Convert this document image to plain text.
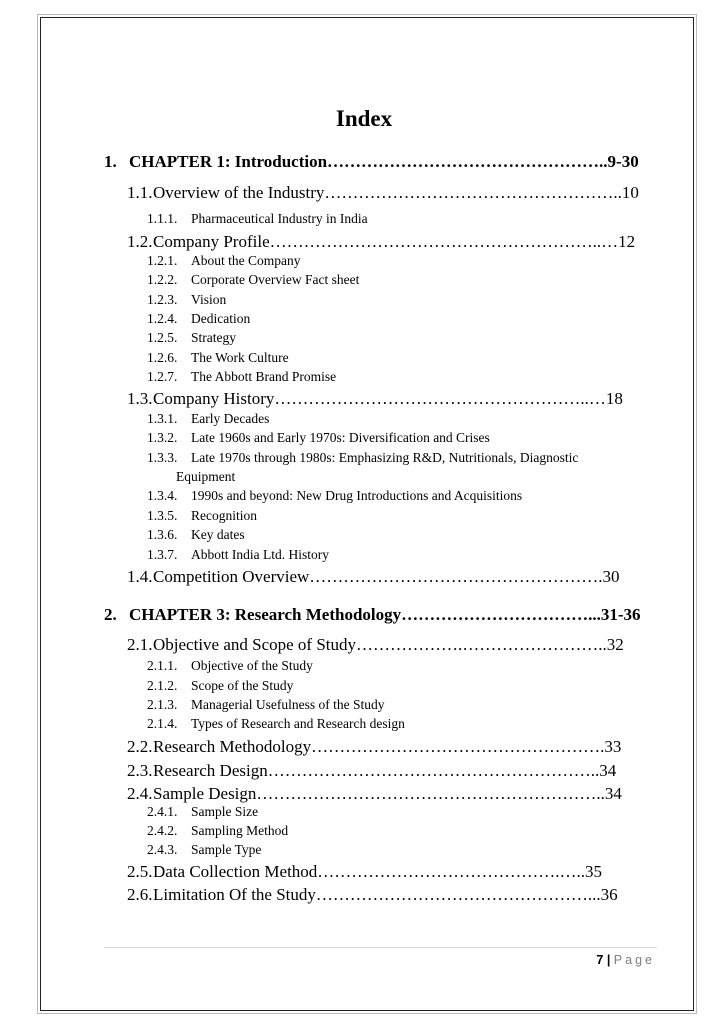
Index
1. CHAPTER 1: Introduction…………………………………………..9-30
1.1.Overview of the Industry……………………………………………..10
1.1.1. Pharmaceutical Industry in India
1.2.Company Profile…………………………………………………..…12
1.2.1. About the Company
1.2.2. Corporate Overview Fact sheet
1.2.3. Vision
1.2.4. Dedication
1.2.5. Strategy
1.2.6. The Work Culture
1.2.7. The Abbott Brand Promise
1.3.Company History………………………………………………..…18
1.3.1. Early Decades
1.3.2. Late 1960s and Early 1970s: Diversification and Crises
1.3.3. Late 1970s through 1980s: Emphasizing R&D, Nutritionals, Diagnostic
Equipment
1.3.4. 1990s and beyond: New Drug Introductions and Acquisitions
1.3.5. Recognition
1.3.6. Key dates
1.3.7. Abbott India Ltd. History
1.4.Competition Overview…………………………………………….30
2. CHAPTER 3: Research Methodology……………………………...31-36
2.1.Objective and Scope of Study……………….……………………..32
2.1.1. Objective of the Study
2.1.2. Scope of the Study
2.1.3. Managerial Usefulness of the Study
2.1.4. Types of Research and Research design
2.2.Research Methodology…………………………………………….33
2.3.Research Design…………………………………………………..34
2.4.Sample Design……………………………………………………..34
2.4.1. Sample Size
2.4.2. Sampling Method
2.4.3. Sample Type
2.5.Data Collection Method…………………………………….…..35
2.6.Limitation Of the Study…………………………………………...36
7 | Page
